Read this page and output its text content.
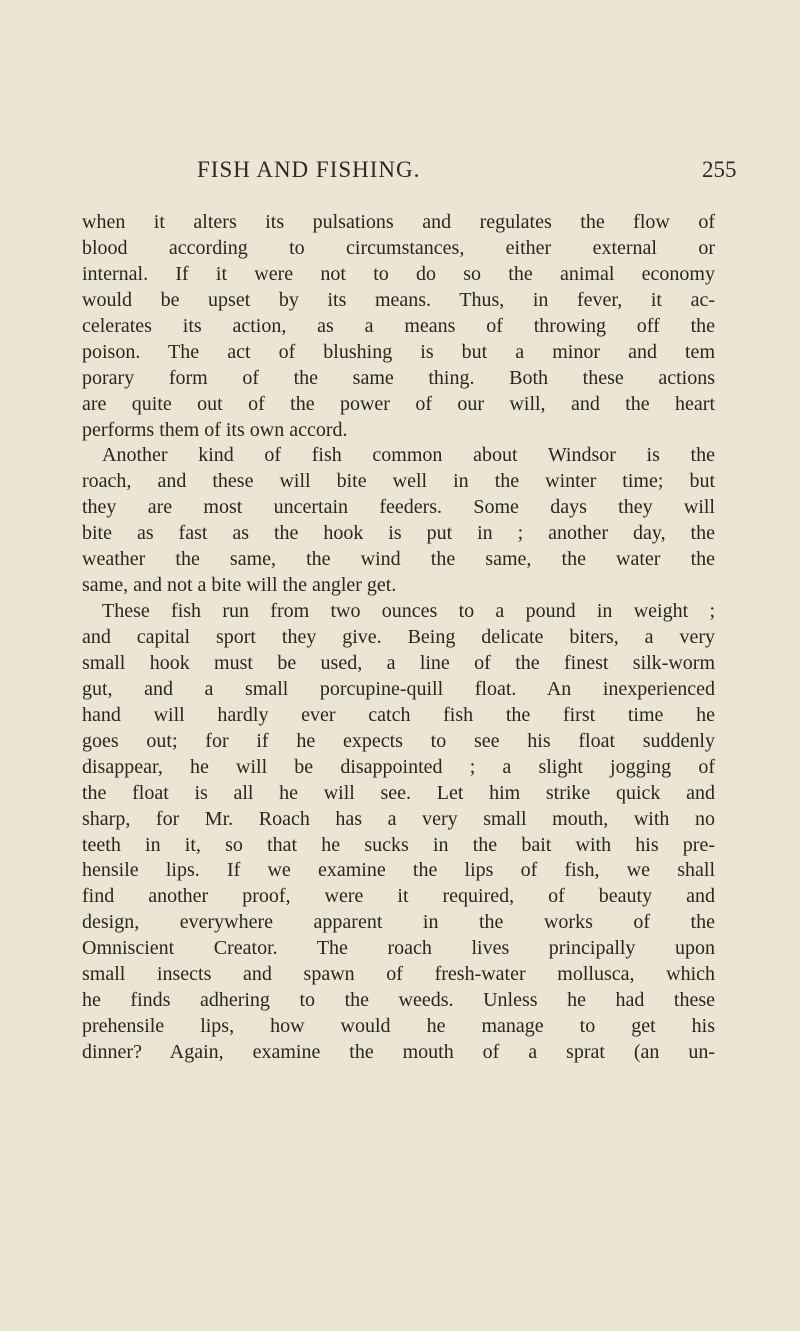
FISH AND FISHING.	255
when it alters its pulsations and regulates the flow of
blood according to circumstances, either external or
internal. If it were not to do so the animal economy
would be upset by its means. Thus, in fever, it ac-
celerates its action, as a means of throwing off the
poison. The act of blushing is but a minor and tem
porary form of the same thing. Both these actions
are quite out of the power of our will, and the heart
performs them of its own accord.
Another kind of fish common about Windsor is the
roach, and these will bite well in the winter time; but
they are most uncertain feeders. Some days they will
bite as fast as the hook is put in ; another day, the
weather the same, the wind the same, the water the
same, and not a bite will the angler get.
These fish run from two ounces to a pound in weight ;
and capital sport they give. Being delicate biters, a very
small hook must be used, a line of the finest silk-worm
gut, and a small porcupine-quill float. An inexperienced
hand will hardly ever catch fish the first time he
goes out; for if he expects to see his float suddenly
disappear, he will be disappointed ; a slight jogging of
the float is all he will see. Let him strike quick and
sharp, for Mr. Roach has a very small mouth, with no
teeth in it, so that he sucks in the bait with his pre-
hensile lips. If we examine the lips of fish, we shall
find another proof, were it required, of beauty and
design, everywhere apparent in the works of the
Omniscient Creator. The roach lives principally upon
small insects and spawn of fresh-water mollusca, which
he finds adhering to the weeds. Unless he had these
prehensile lips, how would he manage to get his
dinner? Again, examine the mouth of a sprat (an un-
